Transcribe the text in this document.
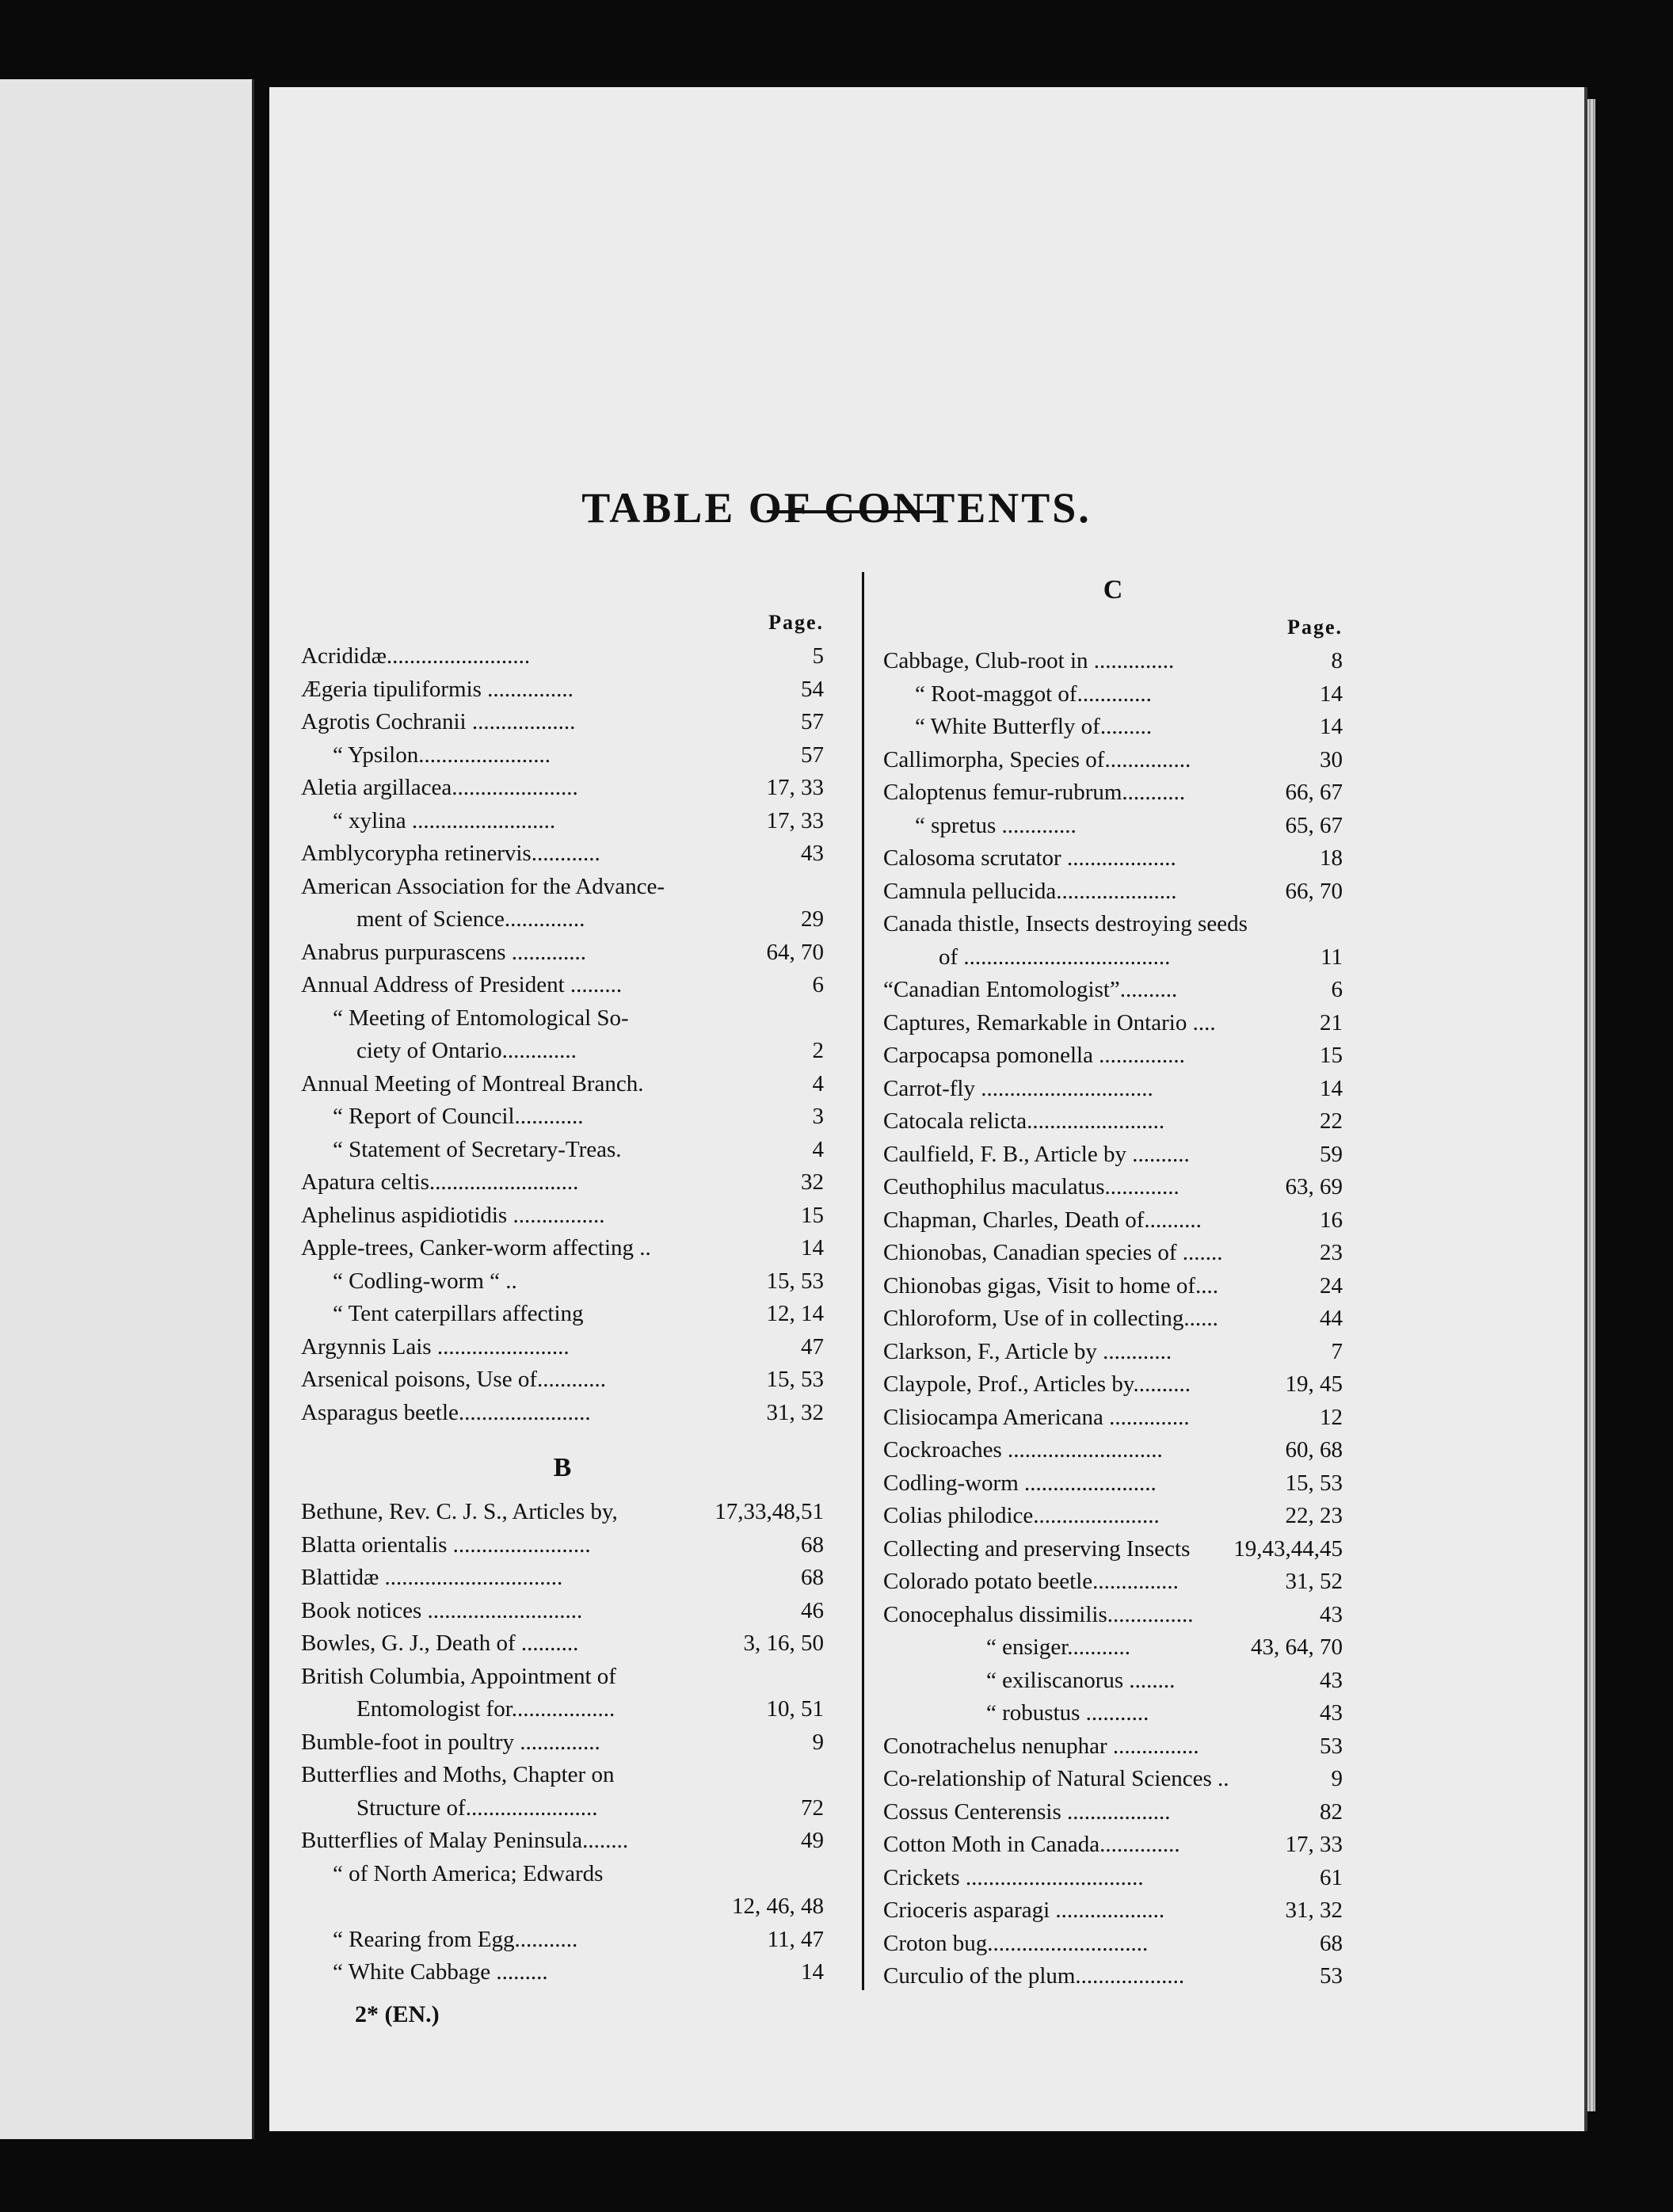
TABLE OF CONTENTS.
Page.
Acrididæ.........................	5
Ægeria tipuliformis ...............	54
Agrotis Cochranii ..................	57
“ Ypsilon.......................	57
Aletia argillacea......................	17, 33
“ xylina .........................	17, 33
Amblycorypha retinervis............	43
American Association for the Advance-
ment of Science..............	29
Anabrus purpurascens .............	64, 70
Annual Address of President .........	6
“ Meeting of Entomological So-
ciety of Ontario.............	2
Annual Meeting of Montreal Branch.	4
“ Report of Council............	3
“ Statement of Secretary-Treas.	4
Apatura celtis..........................	32
Aphelinus aspidiotidis ................	15
Apple-trees, Canker-worm affecting ..	14
“ Codling-worm “ ..	15, 53
“ Tent caterpillars affecting	12, 14
Argynnis Lais .......................	47
Arsenical poisons, Use of............	15, 53
Asparagus beetle.......................	31, 32
B
Bethune, Rev. C. J. S., Articles by,	17,33,48,51
Blatta orientalis ........................	68
Blattidæ ...............................	68
Book notices ...........................	46
Bowles, G. J., Death of ..........	3, 16, 50
British Columbia, Appointment of
Entomologist for..................	10, 51
Bumble-foot in poultry ..............	9
Butterflies and Moths, Chapter on
Structure of.......................	72
Butterflies of Malay Peninsula........	49
“ of North America; Edwards
12, 46, 48
“ Rearing from Egg...........	11, 47
“ White Cabbage .........	14
C
Page.
Cabbage, Club-root in ..............	8
“ Root-maggot of.............	14
“ White Butterfly of.........	14
Callimorpha, Species of...............	30
Caloptenus femur-rubrum...........	66, 67
“ spretus .............	65, 67
Calosoma scrutator ...................	18
Camnula pellucida.....................	66, 70
Canada thistle, Insects destroying seeds
of ....................................	11
“Canadian Entomologist”..........	6
Captures, Remarkable in Ontario ....	21
Carpocapsa pomonella ...............	15
Carrot-fly ..............................	14
Catocala relicta........................	22
Caulfield, F. B., Article by ..........	59
Ceuthophilus maculatus.............	63, 69
Chapman, Charles, Death of..........	16
Chionobas, Canadian species of .......	23
Chionobas gigas, Visit to home of....	24
Chloroform, Use of in collecting......	44
Clarkson, F., Article by ............	7
Claypole, Prof., Articles by..........	19, 45
Clisiocampa Americana ..............	12
Cockroaches ...........................	60, 68
Codling-worm .......................	15, 53
Colias philodice......................	22, 23
Collecting and preserving Insects	19,43,44,45
Colorado potato beetle...............	31, 52
Conocephalus dissimilis...............	43
“ ensiger...........	43, 64, 70
“ exiliscanorus ........	43
“ robustus ...........	43
Conotrachelus nenuphar ...............	53
Co-relationship of Natural Sciences ..	9
Cossus Centerensis ..................	82
Cotton Moth in Canada..............	17, 33
Crickets ...............................	61
Crioceris asparagi ...................	31, 32
Croton bug............................	68
Curculio of the plum...................	53
2* (EN.)
